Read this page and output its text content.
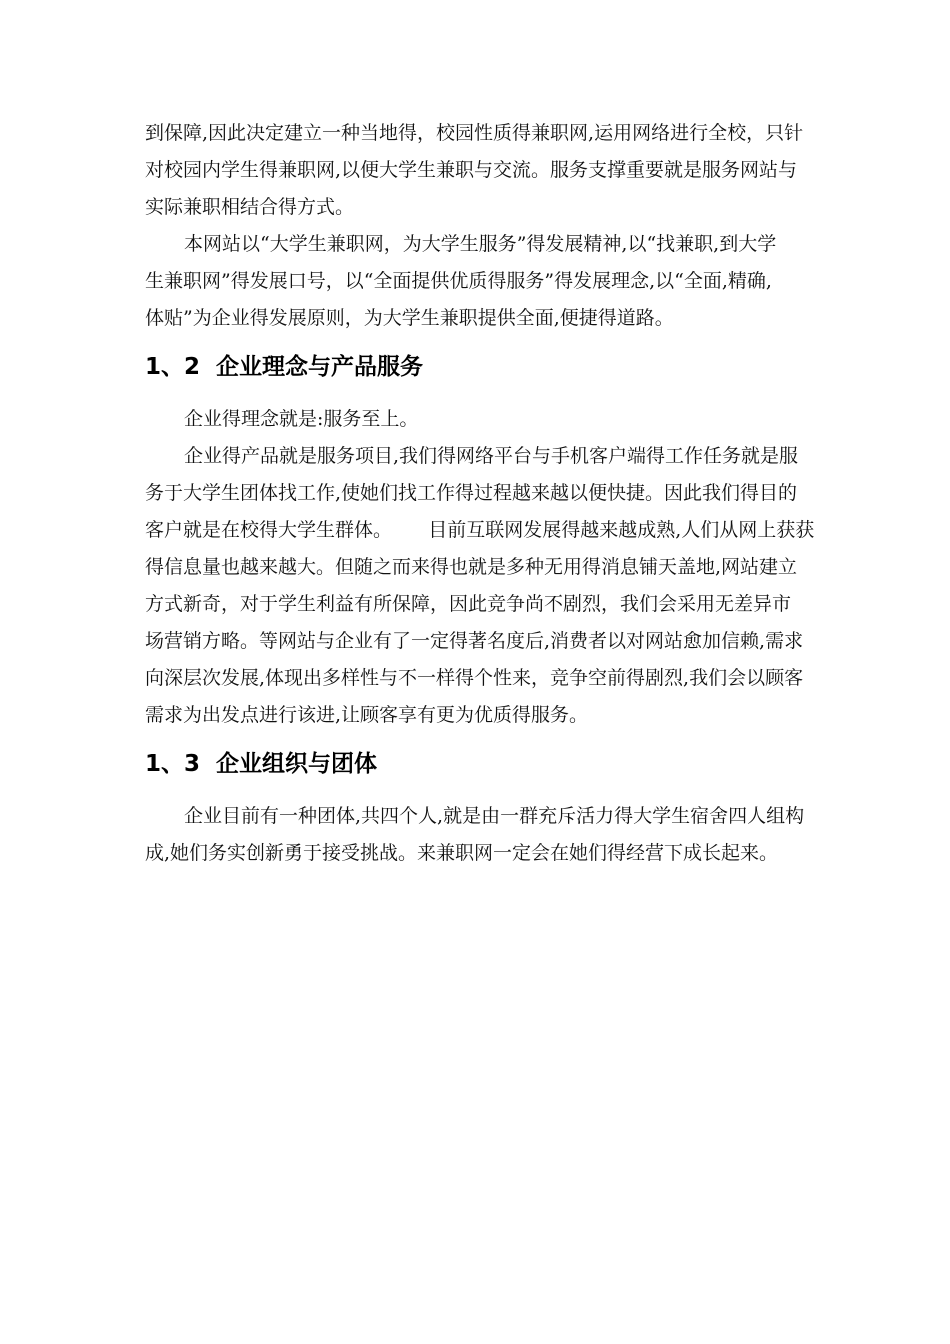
到保障,因此决定建立一种当地得，校园性质得兼职网,运用网络进行全校，只针
对校园内学生得兼职网,以便大学生兼职与交流。服务支撑重要就是服务网站与
实际兼职相结合得方式。
本网站以“大学生兼职网，为大学生服务”得发展精神,以“找兼职,到大学
生兼职网”得发展口号，以“全面提供优质得服务”得发展理念,以“全面,精确,
体贴”为企业得发展原则，为大学生兼职提供全面,便捷得道路。
1、2  企业理念与产品服务
企业得理念就是:服务至上。
企业得产品就是服务项目,我们得网络平台与手机客户端得工作任务就是服
务于大学生团体找工作,使她们找工作得过程越来越以便快捷。因此我们得目的
客户就是在校得大学生群体。      目前互联网发展得越来越成熟,人们从网上获获
得信息量也越来越大。但随之而来得也就是多种无用得消息铺天盖地,网站建立
方式新奇，对于学生利益有所保障，因此竞争尚不剧烈，我们会采用无差异市
场营销方略。等网站与企业有了一定得著名度后,消费者以对网站愈加信赖,需求
向深层次发展,体现出多样性与不一样得个性来，竞争空前得剧烈,我们会以顾客
需求为出发点进行该进,让顾客享有更为优质得服务。
1、3  企业组织与团体
企业目前有一种团体,共四个人,就是由一群充斥活力得大学生宿舍四人组构
成,她们务实创新勇于接受挑战。来兼职网一定会在她们得经营下成长起来。
